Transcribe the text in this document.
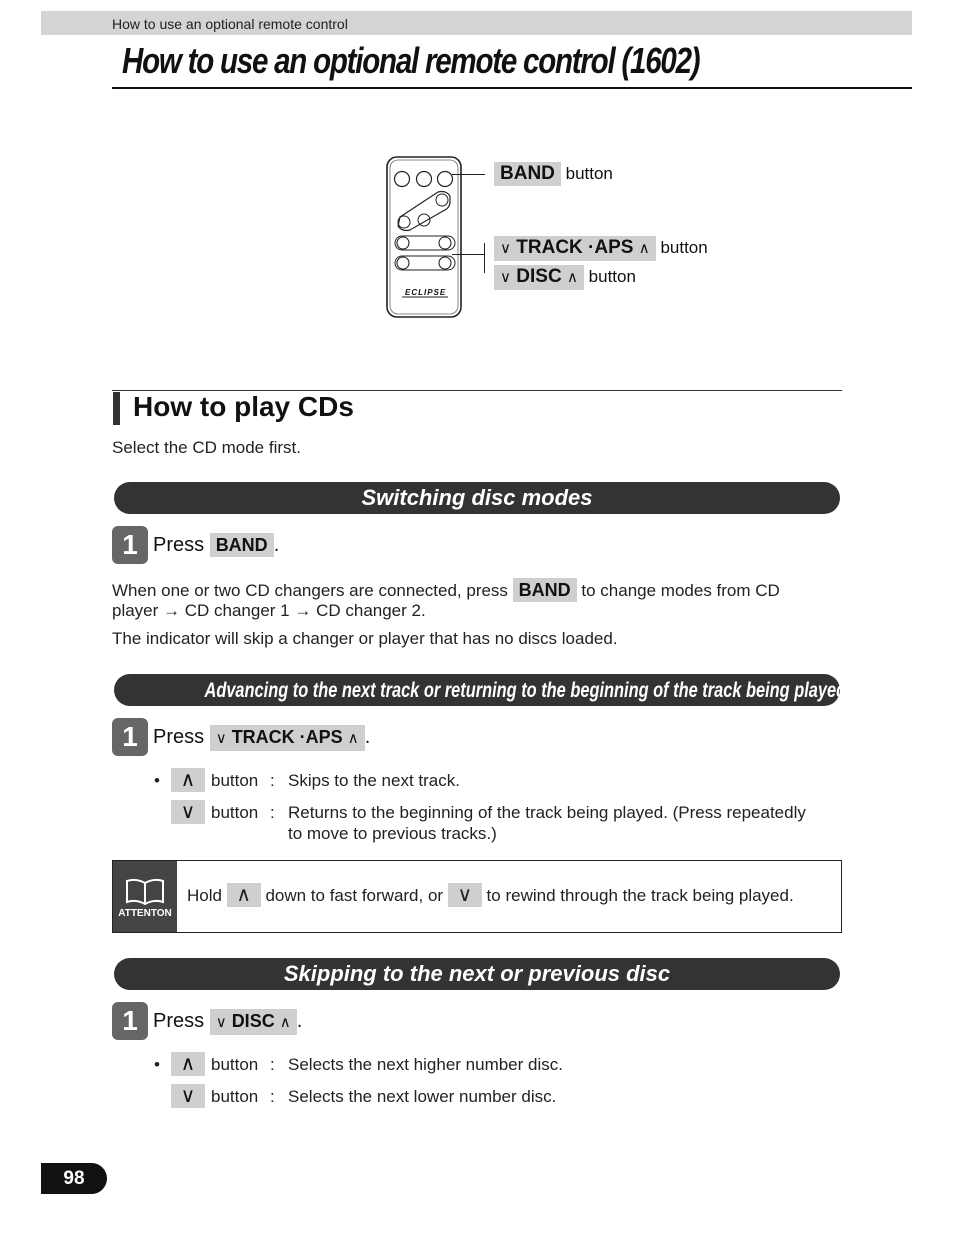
How to use an optional remote control
How to use an optional remote control (1602)
ECLIPSE
BAND button
∨ TRACK ·APS ∧ button
∨ DISC ∧ button
How to play CDs
Select the CD mode first.
Switching disc modes
1 Press BAND .
When one or two CD changers are connected, press BAND to change modes from CD
player → CD changer 1 → CD changer 2.
The indicator will skip a changer or player that has no discs loaded.
Advancing to the next track or returning to the beginning of the track being played
1 Press ∨ TRACK ·APS ∧ .
•	∧ button : Skips to the next track.
∨ button : Returns to the beginning of the track being played. (Press repeatedly
to move to previous tracks.)
ATTENTON
Hold ∧ down to fast forward, or ∨ to rewind through the track being played.
Skipping to the next or previous disc
1 Press ∨ DISC ∧ .
•	∧ button : Selects the next higher number disc.
∨ button : Selects the next lower number disc.
98
